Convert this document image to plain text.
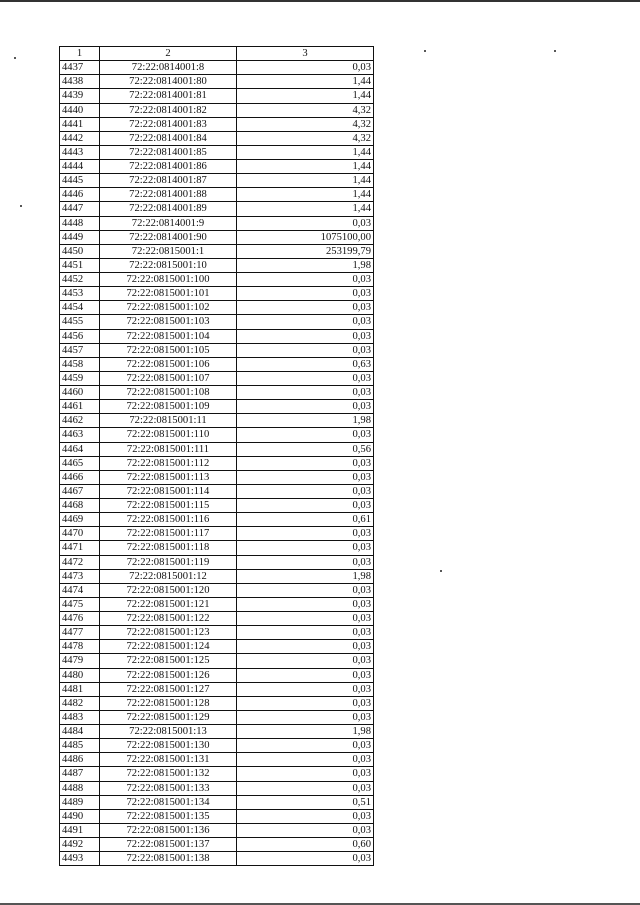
1	2	3
4437	72:22:0814001:8	0,03
4438	72:22:0814001:80	1,44
4439	72:22:0814001:81	1,44
4440	72:22:0814001:82	4,32
4441	72:22:0814001:83	4,32
4442	72:22:0814001:84	4,32
4443	72:22:0814001:85	1,44
4444	72:22:0814001:86	1,44
4445	72:22:0814001:87	1,44
4446	72:22:0814001:88	1,44
4447	72:22:0814001:89	1,44
4448	72:22:0814001:9	0,03
4449	72:22:0814001:90	1075100,00
4450	72:22:0815001:1	253199,79
4451	72:22:0815001:10	1,98
4452	72:22:0815001:100	0,03
4453	72:22:0815001:101	0,03
4454	72:22:0815001:102	0,03
4455	72:22:0815001:103	0,03
4456	72:22:0815001:104	0,03
4457	72:22:0815001:105	0,03
4458	72:22:0815001:106	0,63
4459	72:22:0815001:107	0,03
4460	72:22:0815001:108	0,03
4461	72:22:0815001:109	0,03
4462	72:22:0815001:11	1,98
4463	72:22:0815001:110	0,03
4464	72:22:0815001:111	0,56
4465	72:22:0815001:112	0,03
4466	72:22:0815001:113	0,03
4467	72:22:0815001:114	0,03
4468	72:22:0815001:115	0,03
4469	72:22:0815001:116	0,61
4470	72:22:0815001:117	0,03
4471	72:22:0815001:118	0,03
4472	72:22:0815001:119	0,03
4473	72:22:0815001:12	1,98
4474	72:22:0815001:120	0,03
4475	72:22:0815001:121	0,03
4476	72:22:0815001:122	0,03
4477	72:22:0815001:123	0,03
4478	72:22:0815001:124	0,03
4479	72:22:0815001:125	0,03
4480	72:22:0815001:126	0,03
4481	72:22:0815001:127	0,03
4482	72:22:0815001:128	0,03
4483	72:22:0815001:129	0,03
4484	72:22:0815001:13	1,98
4485	72:22:0815001:130	0,03
4486	72:22:0815001:131	0,03
4487	72:22:0815001:132	0,03
4488	72:22:0815001:133	0,03
4489	72:22:0815001:134	0,51
4490	72:22:0815001:135	0,03
4491	72:22:0815001:136	0,03
4492	72:22:0815001:137	0,60
4493	72:22:0815001:138	0,03
